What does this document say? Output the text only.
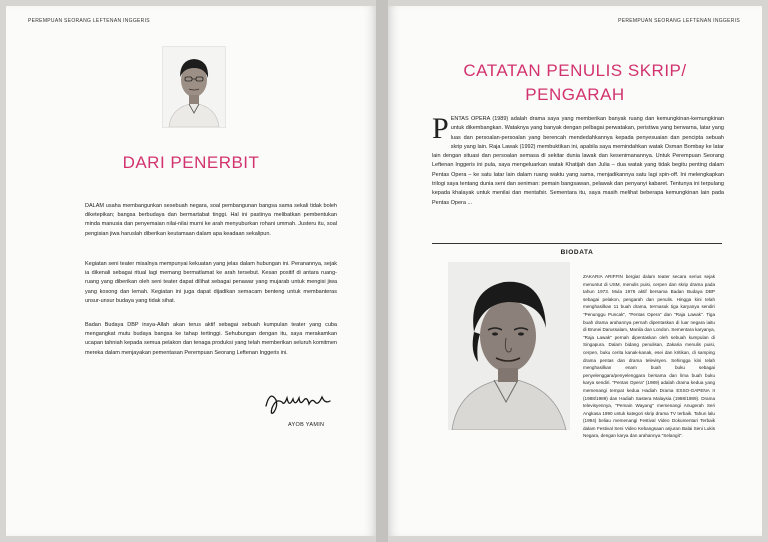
PEREMPUAN SEORANG LEFTENAN INGGERIS
DARI PENERBIT

DALAM usaha membangunkan sesebuah negara, soal pembangunan bangsa sama sekali tidak boleh diketepikan; bangsa berbudaya dan bermartabat tinggi. Hal ini pastinya melibatkan pembentukan minda manusia dan penyemaian nilai-nilai murni ke arah menyuburkan rohani ummah. Justeru itu, soal pengisian jiwa haruslah diberikan keutamaan dalam apa keadaan sekalipun.

Kegiatan seni teater misalnya mempunyai kekuatan yang jelas dalam hubungan ini. Peranannya, sejak ia dikenali sebagai ritual lagi memang bermatlamat ke arah tersebut. Kesan positif di antara ruang-ruang yang diberikan oleh seni teater dapat dilihat sebagai penawar yang mujarab untuk mengisi jiwa yang kosong dan lemah. Kegiatan ini juga dapat dijadikan semacam benteng untuk membanteras unsur-unsur budaya yang tidak sihat.

Badan Budaya DBP insya-Allah akan terus aktif sebagai sebuah kumpulan teater yang cuba mengangkat mutu budaya bangsa ke tahap tertinggi. Sehubungan dengan itu, saya merakamkan ucapan tahniah kepada semua pelakon dan tenaga produksi yang telah memberikan seluruh komitmen mereka dalam menjayakan pementasan Perempuan Seorang Leftenan Inggeris ini.

AYOB YAMIN
PEREMPUAN SEORANG LEFTENAN INGGERIS
CATATAN PENULIS SKRIP/
PENGARAH
P ENTAS OPERA (1989) adalah drama saya yang memberikan banyak ruang dan kemungkinan-kemungkinan untuk dikembangkan. Wataknya yang banyak dengan pelbagai perwatakan, peristiwa yang berwarna, latar yang luas dan persoalan-persoalan yang berencah mendedahkannya kepada penyesuaian dan pencipta sebuah skrip yang lain. Raja Lawak (1992) membuktikan ini, apabila saya memindahkan watak Osman Bombay ke latar lain dengan situasi dan persoalan semasa di sekitar dunia lawak dan kesenimanannya. Untuk Perempuan Seorang Leftenan Inggeris ini pula, saya mengeluarkan watak Khatijah dan Julia – dua watak yang tidak begitu penting dalam Pentas Opera – ke satu latar lain dalam ruang waktu yang sama, menjadikannya satu lagi spin-off. Ini melengkapkan trilogi saya tentang dunia seni dan seniman: pemain bangsawan, pelawak dan penyanyi kabaret. Tentunya ini terpulang kepada khalayak untuk menilai dan mentafsir. Sementara itu, saya masih melihat beberapa kemungkinan lain pada Pentas Opera ...

BIODATA

ZAKARIA ARIFFIN bergiat dalam teater secara serius sejak menuntut di USM, menulis puisi, cerpen dan skrip drama pada tahun 1973. Mula 1976 aktif bersama Badan Budaya DBP sebagai pelakon, pengarah dan penulis. Hingga kini telah menghasilkan 11 buah drama, termasuk tiga karyanya sendiri "Penunggu Puncak", "Pentas Opera" dan "Raja Lawak". Tiga buah drama arahannya pernah dipentaskan di luar negara iaitu di Brunei Darussalam, Manila dan London. Sementara karyanya, "Raja Lawak" pernah dipentaskan oleh sebuah kumpulan di Singapura. Dalam bidang penulisan, Zakaria menulis puisi, cerpen, buku cerita kanak-kanak, esei dan kritikan, di samping drama pentas dan drama televisyen. Sehingga kini telah menghasilkan enam buah buku sebagai penyelenggara/penyelenggara bersama dan lima buah buku karya sendiri. "Pentas Opera" (1989) adalah drama kedua yang memenangi tempat kedua Hadiah Drama ESSO-GAPENA II (1988/1989) dan Hadiah Sastera Malaysia (1988/1989). Drama televisyennya, "Pemain Wayang" memenangi Anugerah Seri Angkasa 1990 untuk kategori skrip drama TV terbaik. Tahun lalu (1994) beliau memenangi Festival Video Dokumentari Terbaik dalam Festival Seni Video Kebangsaan anjuran Balai Seni Lukis Negara, dengan karya dan arahannya "Selangit".
